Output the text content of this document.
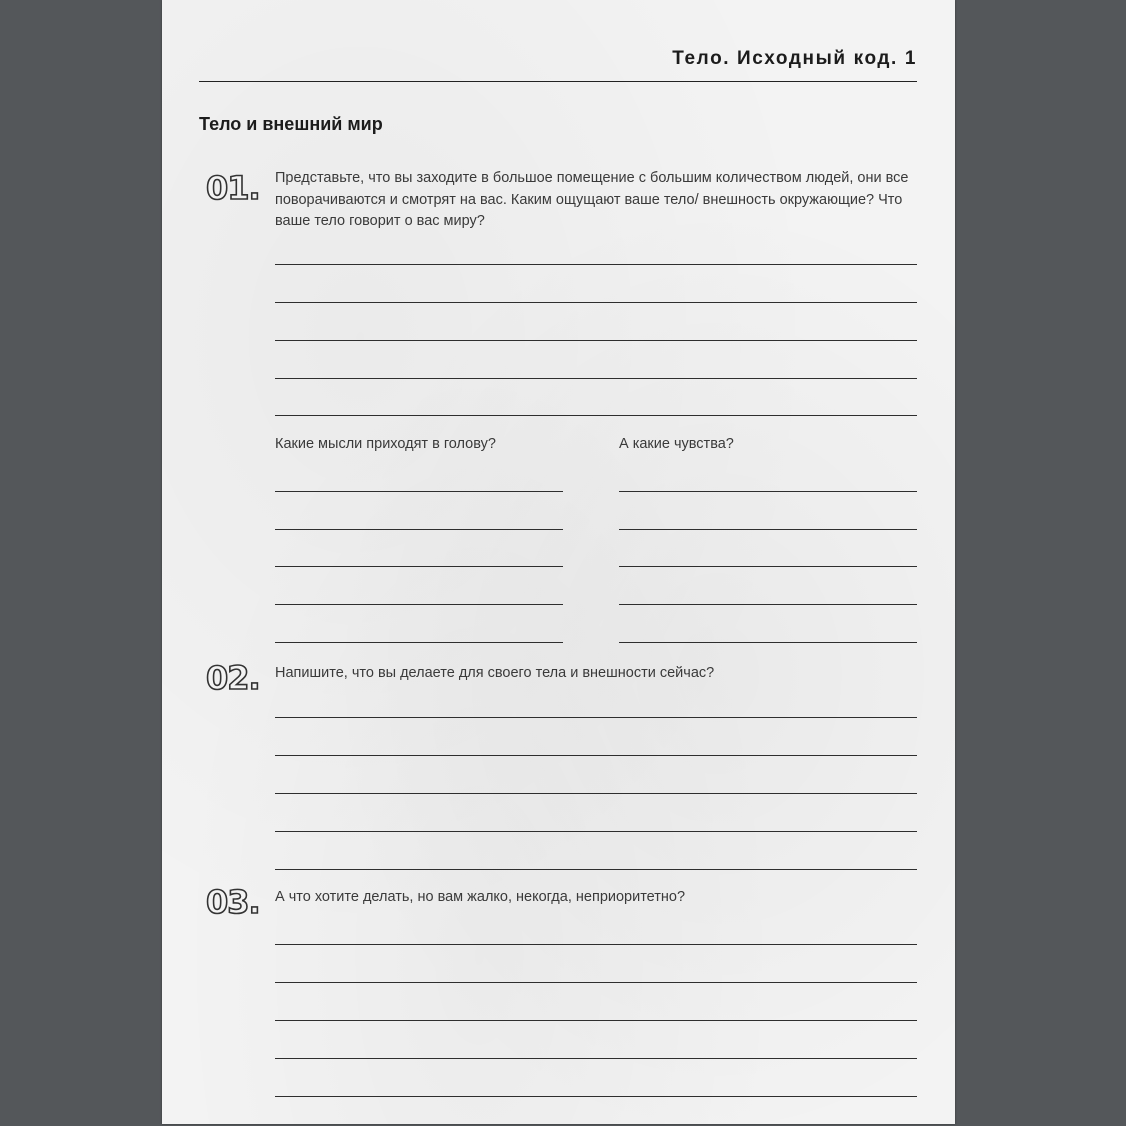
Тело. Исходный код. 1
Тело и внешний мир
01. Представьте, что вы заходите в большое помещение с большим количеством людей, они все поворачиваются и смотрят на вас. Каким ощущают ваше тело/ внешность окружающие? Что ваше тело говорит о вас миру?
Какие мысли приходят в голову?	А какие чувства?
02. Напишите, что вы делаете для своего тела и внешности сейчас?
03. А что хотите делать, но вам жалко, некогда, неприоритетно?
